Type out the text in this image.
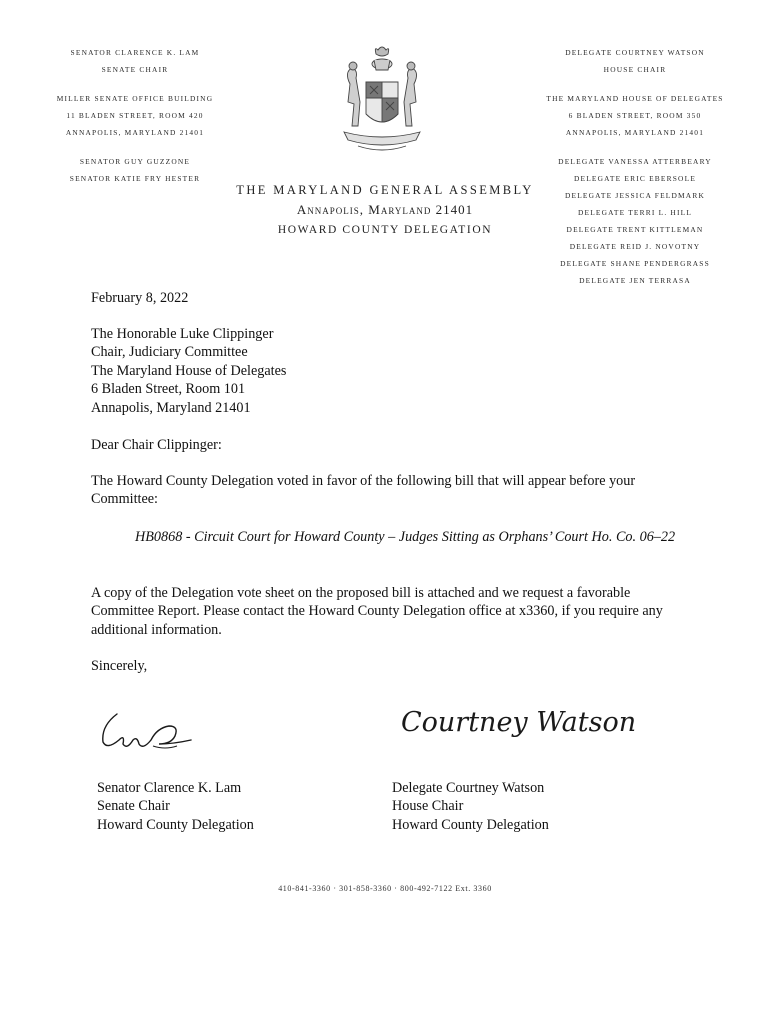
SENATOR CLARENCE K. LAM
SENATE CHAIR
MILLER SENATE OFFICE BUILDING
11 BLADEN STREET, ROOM 420
ANNAPOLIS, MARYLAND 21401
SENATOR GUY GUZZONE
SENATOR KATIE FRY HESTER
DELEGATE COURTNEY WATSON
HOUSE CHAIR
THE MARYLAND HOUSE OF DELEGATES
6 BLADEN STREET, ROOM 350
ANNAPOLIS, MARYLAND 21401
DELEGATE VANESSA ATTERBEARY
DELEGATE ERIC EBERSOLE
DELEGATE JESSICA FELDMARK
DELEGATE TERRI L. HILL
DELEGATE TRENT KITTLEMAN
DELEGATE REID J. NOVOTNY
DELEGATE SHANE PENDERGRASS
DELEGATE JEN TERRASA
THE MARYLAND GENERAL ASSEMBLY
Annapolis, Maryland 21401
HOWARD COUNTY DELEGATION
February 8, 2022
The Honorable Luke Clippinger
Chair, Judiciary Committee
The Maryland House of Delegates
6 Bladen Street, Room 101
Annapolis, Maryland 21401
Dear Chair Clippinger:
The Howard County Delegation voted in favor of the following bill that will appear before your Committee:
HB0868 - Circuit Court for Howard County – Judges Sitting as Orphans’ Court Ho. Co. 06–22
A copy of the Delegation vote sheet on the proposed bill is attached and we request a favorable Committee Report. Please contact the Howard County Delegation office at x3360, if you require any additional information.
Sincerely,
Courtney Watson
Senator Clarence K. Lam
Senate Chair
Howard County Delegation
Delegate Courtney Watson
House Chair
Howard County Delegation
410-841-3360 · 301-858-3360 · 800-492-7122 Ext. 3360
